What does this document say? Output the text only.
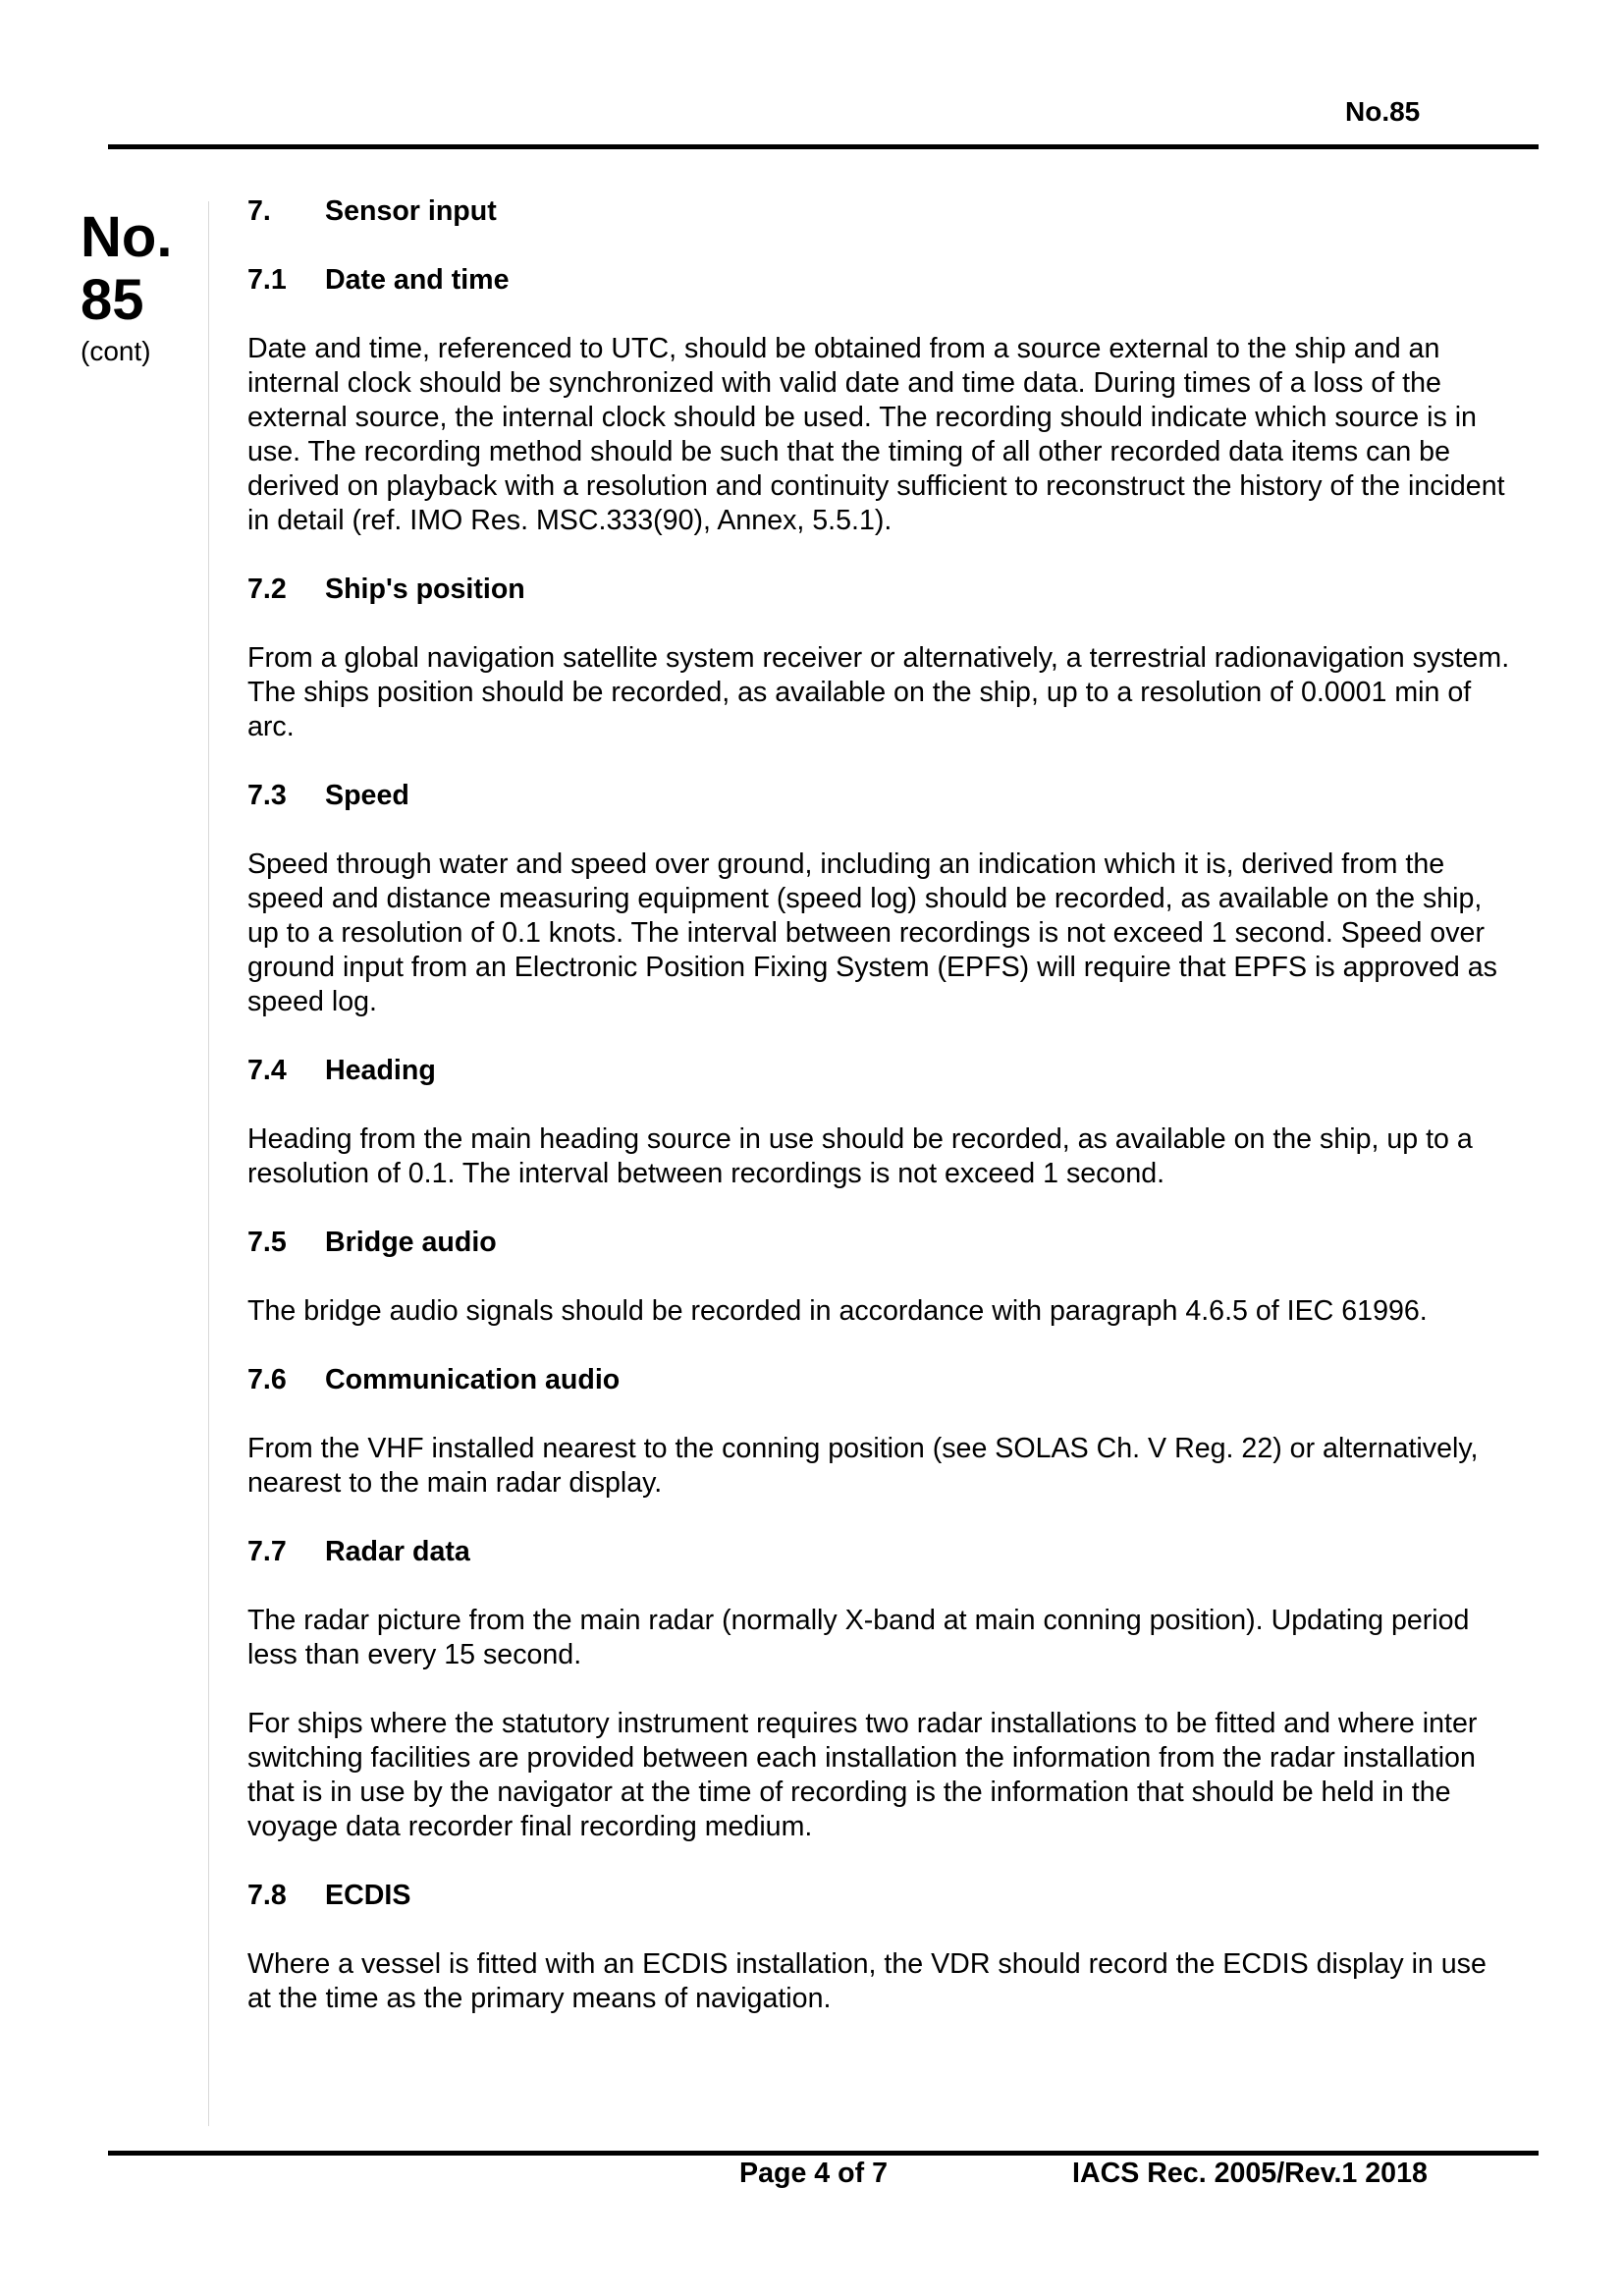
No.85
No.
85
(cont)
7.	Sensor input
7.1	Date and time

Date and time, referenced to UTC, should be obtained from a source external to the ship and an internal clock should be synchronized with valid date and time data. During times of a loss of the external source, the internal clock should be used. The recording should indicate which source is in use. The recording method should be such that the timing of all other recorded data items can be derived on playback with a resolution and continuity sufficient to reconstruct the history of the incident in detail (ref. IMO Res. MSC.333(90), Annex, 5.5.1).

7.2	Ship's position

From a global navigation satellite system receiver or alternatively, a terrestrial radionavigation system. The ships position should be recorded, as available on the ship, up to a resolution of 0.0001 min of arc.

7.3	Speed

Speed through water and speed over ground, including an indication which it is, derived from the speed and distance measuring equipment (speed log) should be recorded, as available on the ship, up to a resolution of 0.1 knots. The interval between recordings is not exceed 1 second. Speed over ground input from an Electronic Position Fixing System (EPFS) will require that EPFS is approved as speed log.

7.4	Heading

Heading from the main heading source in use should be recorded, as available on the ship, up to a resolution of 0.1. The interval between recordings is not exceed 1 second.

7.5	Bridge audio

The bridge audio signals should be recorded in accordance with paragraph 4.6.5 of IEC 61996.

7.6	Communication audio

From the VHF installed nearest to the conning position (see SOLAS Ch. V Reg. 22) or alternatively, nearest to the main radar display.

7.7	Radar data

The radar picture from the main radar (normally X-band at main conning position). Updating period less than every 15 second.

For ships where the statutory instrument requires two radar installations to be fitted and where inter switching facilities are provided between each installation the information from the radar installation that is in use by the navigator at the time of recording is the information that should be held in the voyage data recorder final recording medium.

7.8	ECDIS

Where a vessel is fitted with an ECDIS installation, the VDR should record the ECDIS display in use at the time as the primary means of navigation.

Page 4 of 7	IACS Rec. 2005/Rev.1 2018
